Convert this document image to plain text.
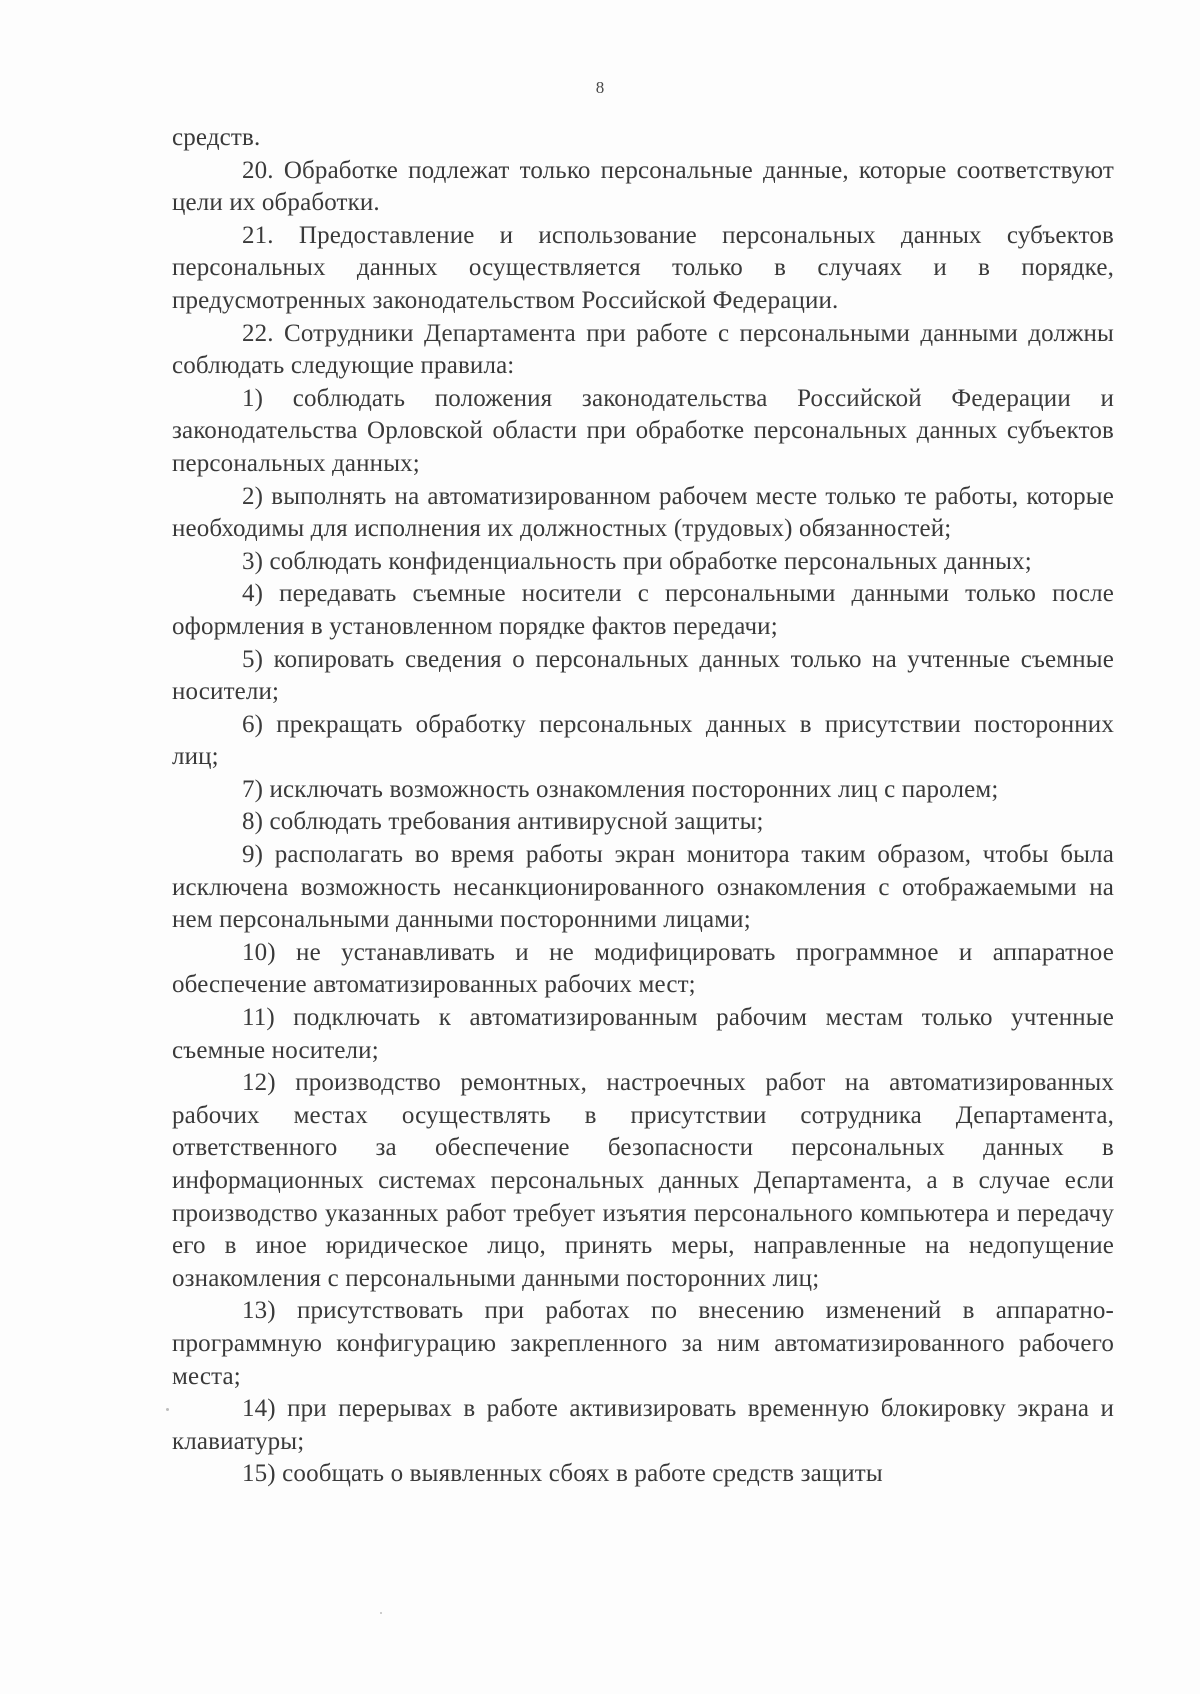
8

средств.

20. Обработке подлежат только персональные данные, которые соответствуют цели их обработки.

21. Предоставление и использование персональных данных субъектов персональных данных осуществляется только в случаях и в порядке, предусмотренных законодательством Российской Федерации.

22. Сотрудники Департамента при работе с персональными данными должны соблюдать следующие правила:

1) соблюдать положения законодательства Российской Федерации и законодательства Орловской области при обработке персональных данных субъектов персональных данных;

2) выполнять на автоматизированном рабочем месте только те работы, которые необходимы для исполнения их должностных (трудовых) обязанностей;

3) соблюдать конфиденциальность при обработке персональных данных;

4) передавать съемные носители с персональными данными только после оформления в установленном порядке фактов передачи;

5) копировать сведения о персональных данных только на учтенные съемные носители;

6) прекращать обработку персональных данных в присутствии посторонних лиц;

7) исключать возможность ознакомления посторонних лиц с паролем;

8) соблюдать требования антивирусной защиты;

9) располагать во время работы экран монитора таким образом, чтобы была исключена возможность несанкционированного ознакомления с отображаемыми на нем персональными данными посторонними лицами;

10) не устанавливать и не модифицировать программное и аппаратное обеспечение автоматизированных рабочих мест;

11) подключать к автоматизированным рабочим местам только учтенные съемные носители;

12) производство ремонтных, настроечных работ на автоматизированных рабочих местах осуществлять в присутствии сотрудника Департамента, ответственного за обеспечение безопасности персональных данных в информационных системах персональных данных Департамента, а в случае если производство указанных работ требует изъятия персонального компьютера и передачу его в иное юридическое лицо, принять меры, направленные на недопущение ознакомления с персональными данными посторонних лиц;

13) присутствовать при работах по внесению изменений в аппаратно-программную конфигурацию закрепленного за ним автоматизированного рабочего места;

14) при перерывах в работе активизировать временную блокировку экрана и клавиатуры;

15) сообщать о выявленных сбоях в работе средств защиты
